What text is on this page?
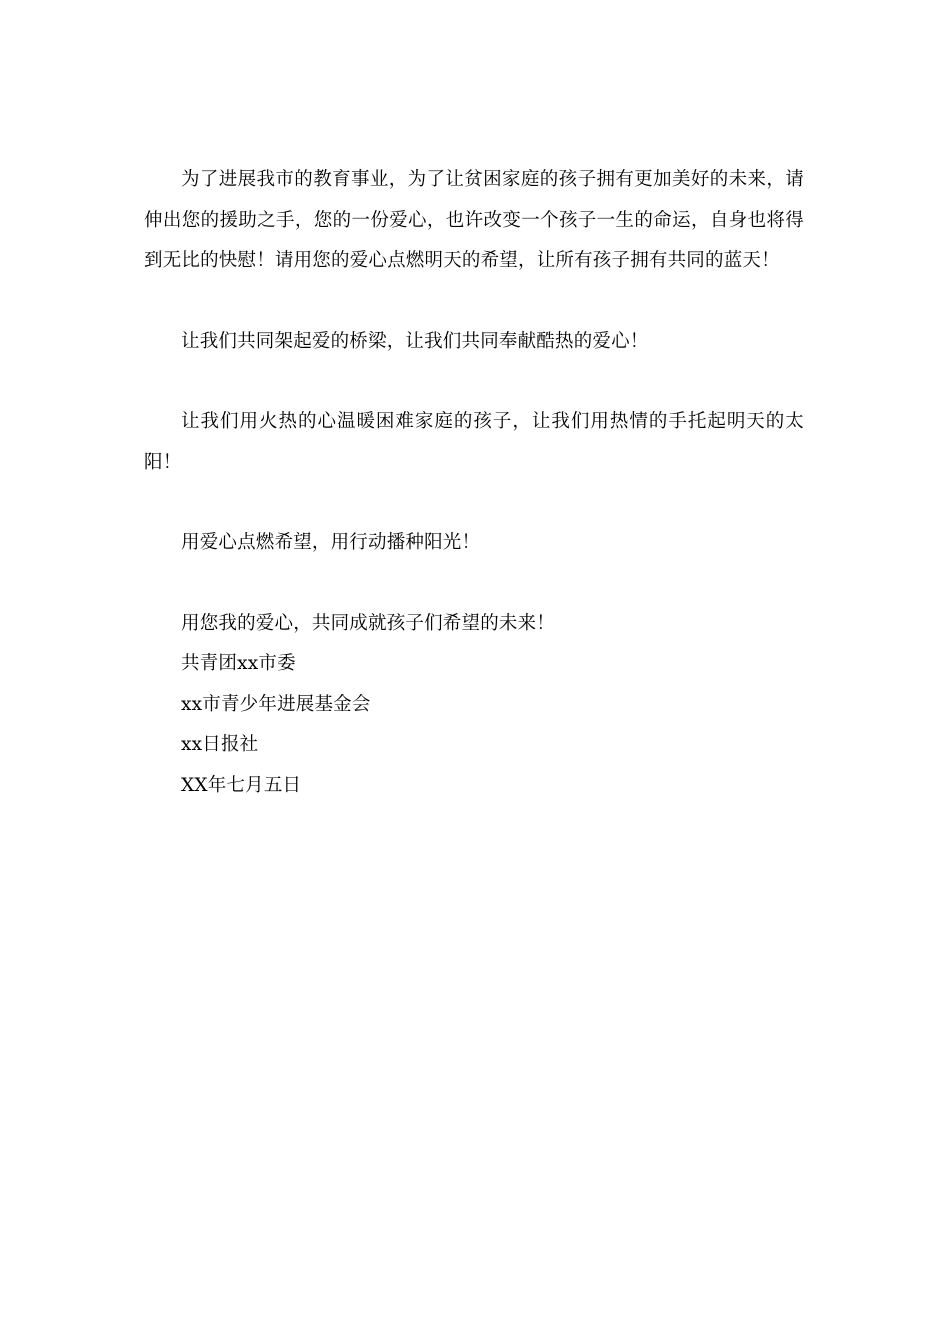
为了进展我市的教育事业，为了让贫困家庭的孩子拥有更加美好的未来，请伸出您的援助之手，您的一份爱心，也许改变一个孩子一生的命运，自身也将得到无比的快慰！请用您的爱心点燃明天的希望，让所有孩子拥有共同的蓝天！

让我们共同架起爱的桥梁，让我们共同奉献酷热的爱心！

让我们用火热的心温暖困难家庭的孩子，让我们用热情的手托起明天的太阳！

用爱心点燃希望，用行动播种阳光！

用您我的爱心，共同成就孩子们希望的未来！

共青团xx市委

xx市青少年进展基金会

xx日报社

XX年七月五日
